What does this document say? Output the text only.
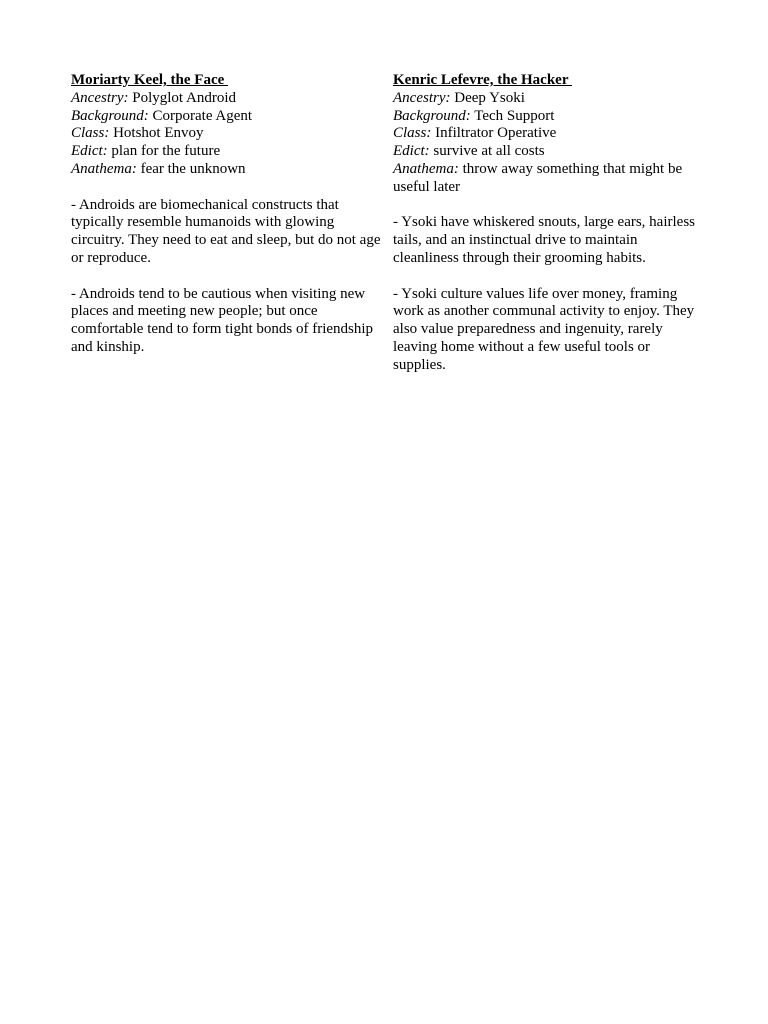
Moriarty Keel, the Face
Ancestry: Polyglot Android
Background: Corporate Agent
Class: Hotshot Envoy
Edict: plan for the future
Anathema: fear the unknown
- Androids are biomechanical constructs that typically resemble humanoids with glowing circuitry. They need to eat and sleep, but do not age or reproduce.
- Androids tend to be cautious when visiting new places and meeting new people; but once comfortable tend to form tight bonds of friendship and kinship.
Kenric Lefevre, the Hacker
Ancestry: Deep Ysoki
Background: Tech Support
Class: Infiltrator Operative
Edict: survive at all costs
Anathema: throw away something that might be useful later
- Ysoki have whiskered snouts, large ears, hairless tails, and an instinctual drive to maintain cleanliness through their grooming habits.
- Ysoki culture values life over money, framing work as another communal activity to enjoy. They also value preparedness and ingenuity, rarely leaving home without a few useful tools or supplies.
